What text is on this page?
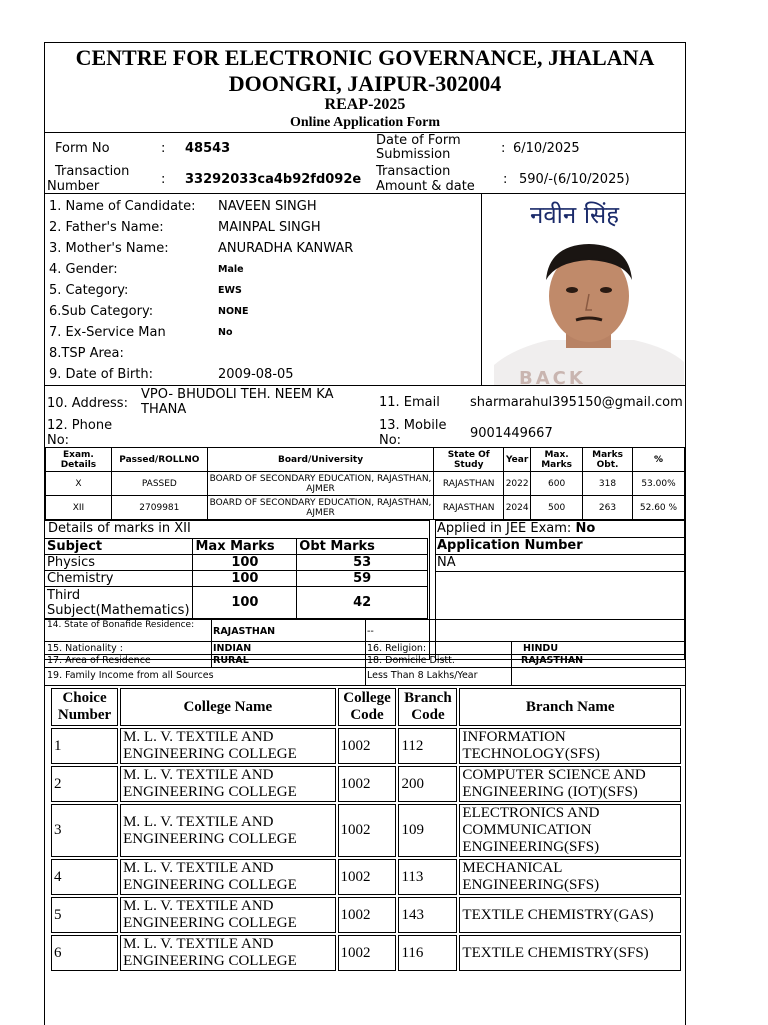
CENTRE FOR ELECTRONIC GOVERNANCE, JHALANA DOONGRI, JAIPUR-302004
REAP-2025
Online Application Form
Form No	: 48543
Date of Form Submission	: 6/10/2025
Transaction Number	: 33292033ca4b92fd092e
Transaction Amount & date	: 590/-(6/10/2025)
1. Name of Candidate: NAVEEN SINGH
2. Father's Name:	MAINPAL SINGH
3. Mother's Name:	ANURADHA KANWAR
4. Gender:	Male
5. Category:	EWS
6.Sub Category:	NONE
7. Ex-Service Man	No
8.TSP Area:
9. Date of Birth:	2009-08-05
नवीन सिंह
BACK
10. Address:
VPO- BHUDOLI TEH. NEEM KA THANA	11. Email sharmarahul395150@gmail.com
12. Phone No:
13. Mobile No:	9001449667
Exam. Details	Passed/ROLLNO	Board/University	State Of Study	Year	Max. Marks	Marks Obt.	%
X	PASSED	BOARD OF SECONDARY EDUCATION, RAJASTHAN, AJMER	RAJASTHAN	2022	600	318	53.00%
XII	2709981	BOARD OF SECONDARY EDUCATION, RAJASTHAN, AJMER	RAJASTHAN	2024	500	263	52.60 %
Details of marks in XII
Subject	Max Marks	Obt Marks
Physics	100	53
Chemistry	100	59
Third Subject(Mathematics)	100	42
Applied in JEE Exam: No
Application Number
NA
14. State of Bonafide Residence:
RAJASTHAN	--
15. Nationality :	INDIAN	16. Religion:	HINDU
17. Area of Residence	RURAL	18. Domicile Distt.	RAJASTHAN
19. Family Income from all Sources	Less Than 8 Lakhs/Year
Choice Number	College Name	College Code	Branch Code	Branch Name
1	M. L. V. TEXTILE AND ENGINEERING COLLEGE	1002	112	INFORMATION TECHNOLOGY(SFS)
2	M. L. V. TEXTILE AND ENGINEERING COLLEGE	1002	200	COMPUTER SCIENCE AND ENGINEERING (IOT)(SFS)
3	M. L. V. TEXTILE AND ENGINEERING COLLEGE	1002	109	ELECTRONICS AND COMMUNICATION ENGINEERING(SFS)
4	M. L. V. TEXTILE AND ENGINEERING COLLEGE	1002	113	MECHANICAL ENGINEERING(SFS)
5	M. L. V. TEXTILE AND ENGINEERING COLLEGE	1002	143	TEXTILE CHEMISTRY(GAS)
6	M. L. V. TEXTILE AND ENGINEERING COLLEGE	1002	116	TEXTILE CHEMISTRY(SFS)
